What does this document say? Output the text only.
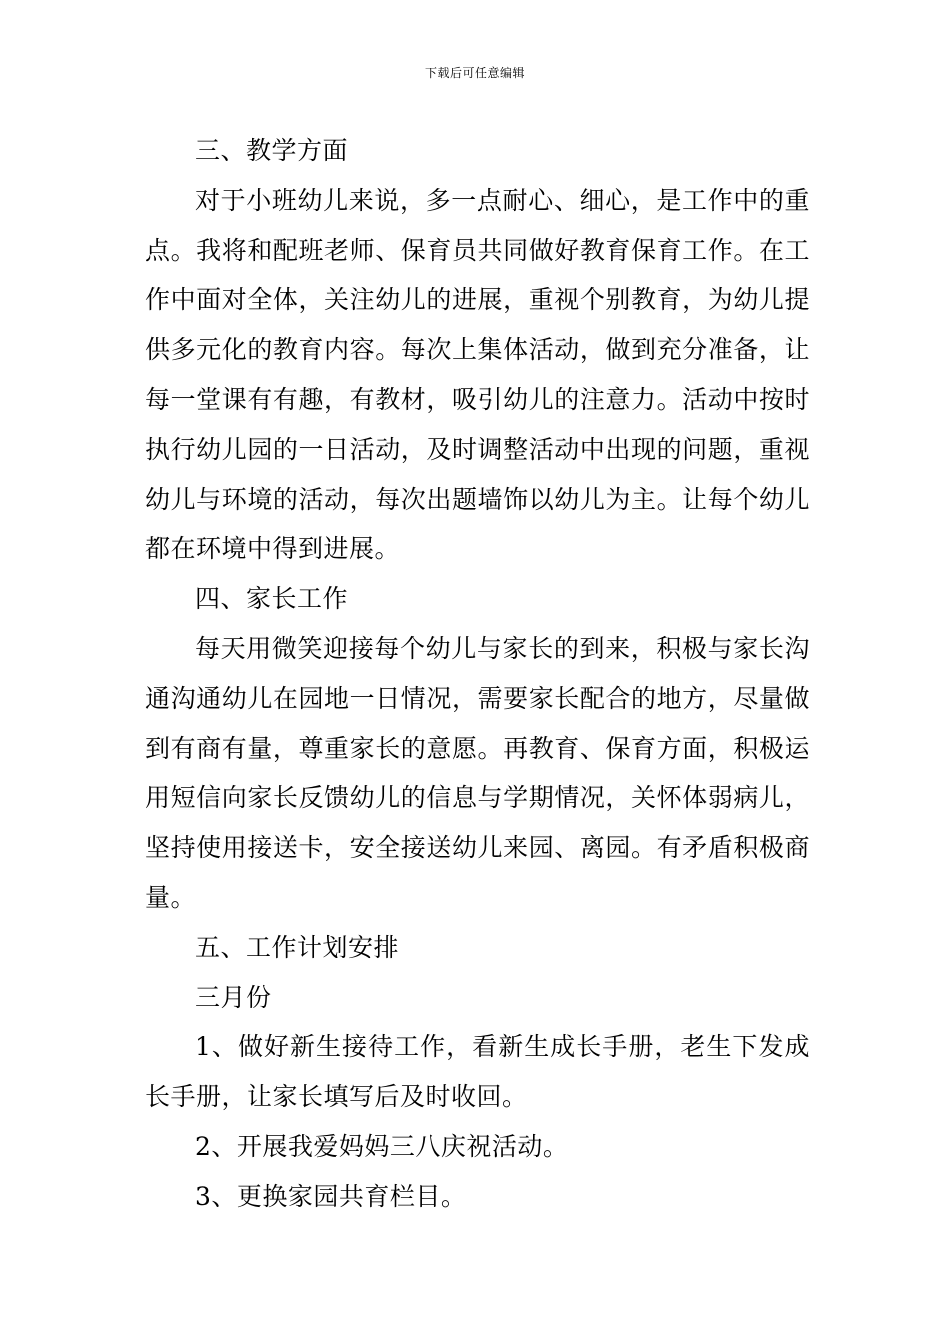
下载后可任意编辑

三、教学方面

对于小班幼儿来说，多一点耐心、细心，是工作中的重点。我将和配班老师、保育员共同做好教育保育工作。在工作中面对全体，关注幼儿的进展，重视个别教育，为幼儿提供多元化的教育内容。每次上集体活动，做到充分准备，让每一堂课有有趣，有教材，吸引幼儿的注意力。活动中按时执行幼儿园的一日活动，及时调整活动中出现的问题，重视幼儿与环境的活动，每次出题墙饰以幼儿为主。让每个幼儿都在环境中得到进展。

四、家长工作

每天用微笑迎接每个幼儿与家长的到来，积极与家长沟通沟通幼儿在园地一日情况，需要家长配合的地方，尽量做到有商有量，尊重家长的意愿。再教育、保育方面，积极运用短信向家长反馈幼儿的信息与学期情况，关怀体弱病儿，坚持使用接送卡，安全接送幼儿来园、离园。有矛盾积极商量。

五、工作计划安排

三月份

1、做好新生接待工作，看新生成长手册，老生下发成长手册，让家长填写后及时收回。

2、开展我爱妈妈三八庆祝活动。

3、更换家园共育栏目。
